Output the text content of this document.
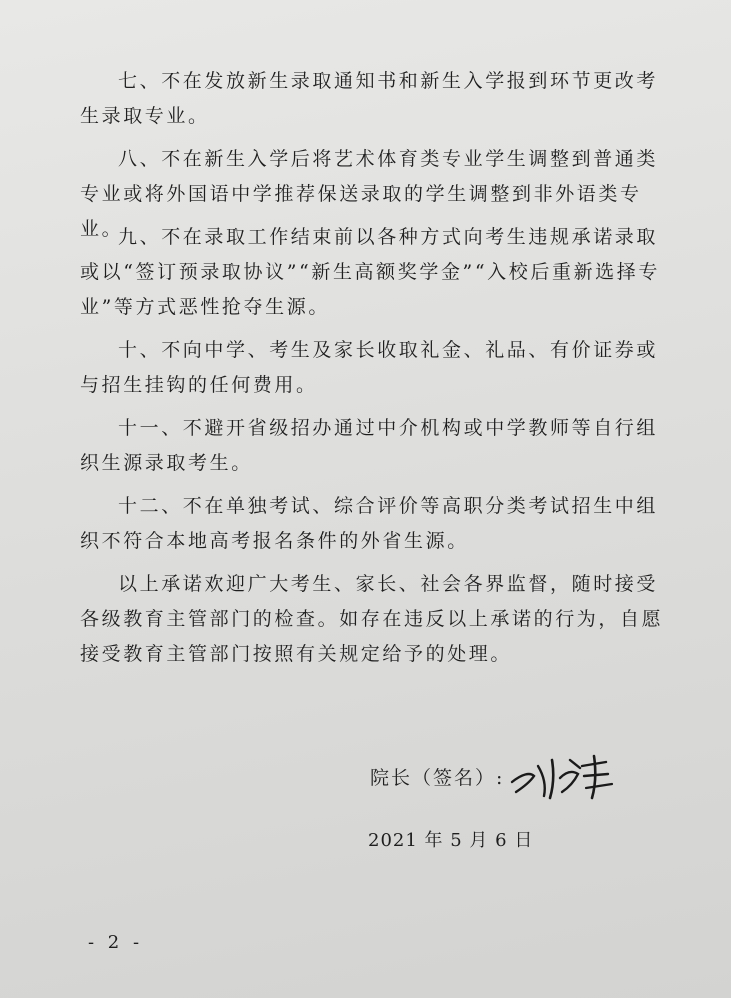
七、不在发放新生录取通知书和新生入学报到环节更改考生录取专业。

八、不在新生入学后将艺术体育类专业学生调整到普通类专业或将外国语中学推荐保送录取的学生调整到非外语类专业。

九、不在录取工作结束前以各种方式向考生违规承诺录取或以“签订预录取协议”“新生高额奖学金”“入校后重新选择专业”等方式恶性抢夺生源。

十、不向中学、考生及家长收取礼金、礼品、有价证券或与招生挂钩的任何费用。

十一、不避开省级招办通过中介机构或中学教师等自行组织生源录取考生。

十二、不在单独考试、综合评价等高职分类考试招生中组织不符合本地高考报名条件的外省生源。

以上承诺欢迎广大考生、家长、社会各界监督，随时接受各级教育主管部门的检查。如存在违反以上承诺的行为，自愿接受教育主管部门按照有关规定给予的处理。

院长（签名）:
2021 年 5 月 6 日
- 2 -
